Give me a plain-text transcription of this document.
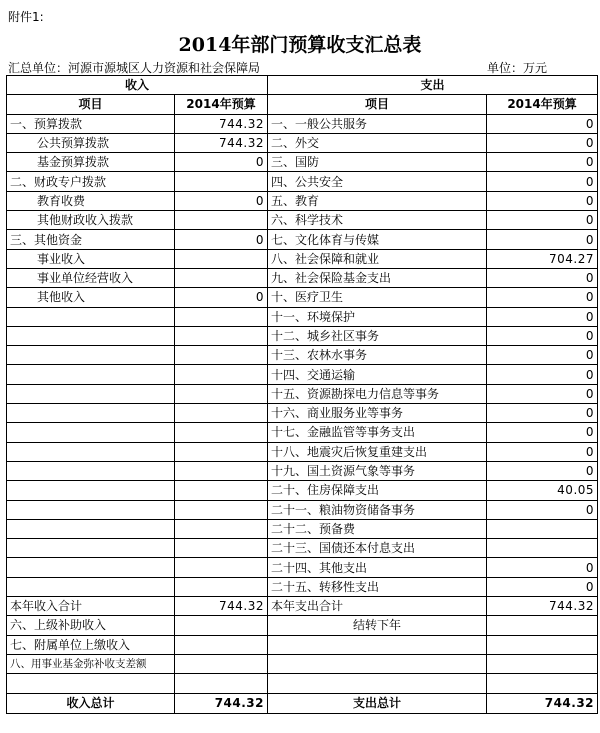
附件1:
2014年部门预算收支汇总表
汇总单位：河源市源城区人力资源和社会保障局	单位：万元
收入		支出	
项目	2014年预算	项目	2014年预算
一、预算拨款	744.32	一、一般公共服务	0
公共预算拨款	744.32	二、外交	0
基金预算拨款	0	三、国防	0
二、财政专户拨款		四、公共安全	0
教育收费	0	五、教育	0
其他财政收入拨款		六、科学技术	0
三、其他资金	0	七、文化体育与传媒	0
事业收入		八、社会保障和就业	704.27
事业单位经营收入		九、社会保险基金支出	0
其他收入	0	十、医疗卫生	0
		十一、环境保护	0
		十二、城乡社区事务	0
		十三、农林水事务	0
		十四、交通运输	0
		十五、资源勘探电力信息等事务	0
		十六、商业服务业等事务	0
		十七、金融监管等事务支出	0
		十八、地震灾后恢复重建支出	0
		十九、国土资源气象等事务	0
		二十、住房保障支出	40.05
		二十一、粮油物资储备事务	0
		二十二、预备费	
		二十三、国债还本付息支出	
		二十四、其他支出	0
		二十五、转移性支出	0
本年收入合计	744.32	本年支出合计	744.32
六、上级补助收入		结转下年	
七、附属单位上缴收入			
八、用事业基金弥补收支差额			

收入总计	744.32	支出总计	744.32
